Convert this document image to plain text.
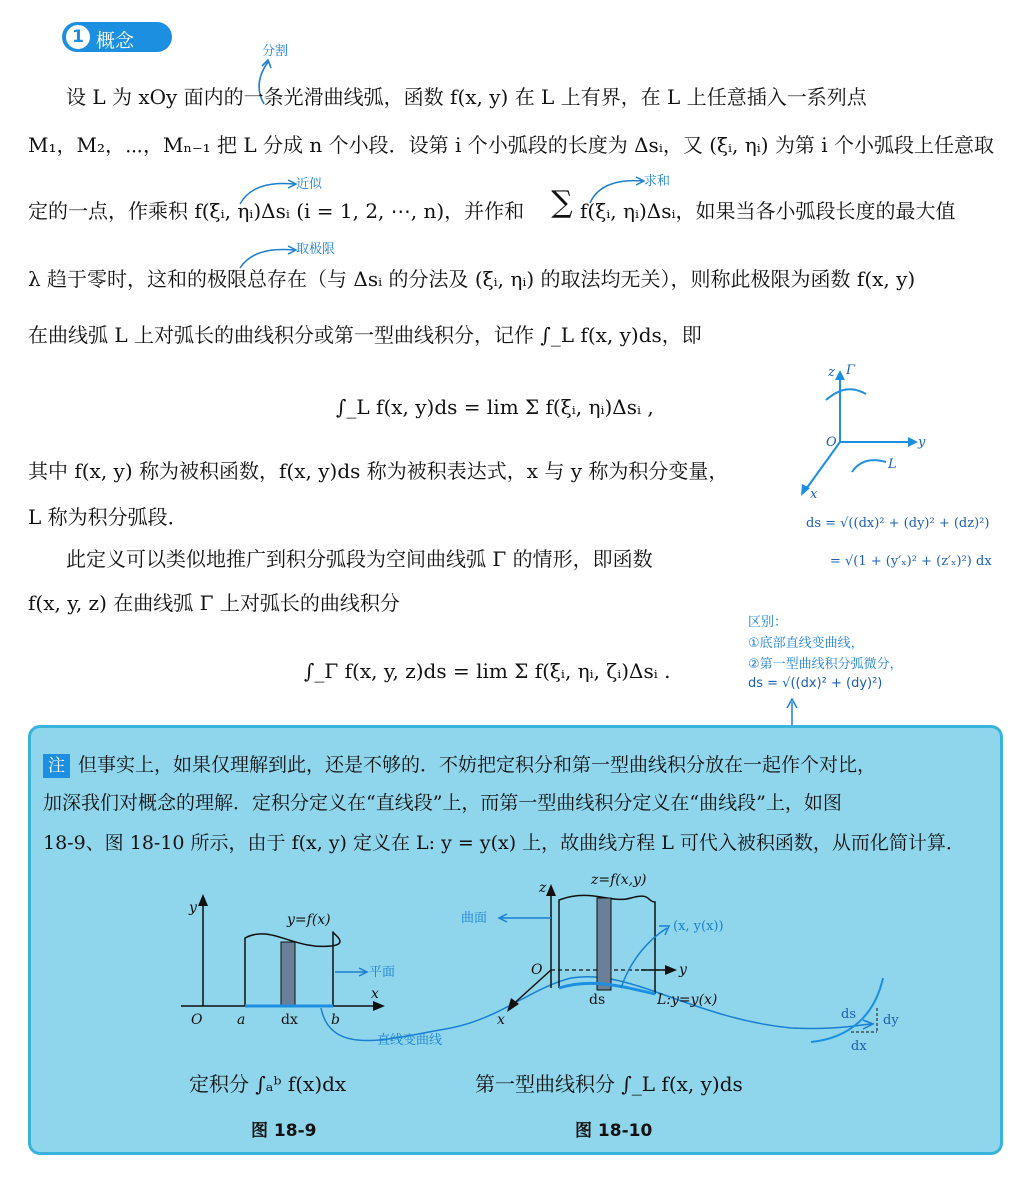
1 概念	分割
设 L 为 xOy 面内的一条光滑曲线弧，函数 f(x, y) 在 L 上有界，在 L 上任意插入一系列点
M₁，M₂，⋯，Mₙ₋₁ 把 L 分成 n 个小段．设第 i 个小弧段的长度为 Δsᵢ，又 (ξᵢ, ηᵢ) 为第 i 个小弧段上任意取
近似	求和
定的一点，作乘积 f(ξᵢ, ηᵢ)Δsᵢ (i = 1, 2, ⋯, n)，并作和 ∑ f(ξᵢ, ηᵢ)Δsᵢ，如果当各小弧段长度的最大值
取极限
λ 趋于零时，这和的极限总存在（与 Δsᵢ 的分法及 (ξᵢ, ηᵢ) 的取法均无关），则称此极限为函数 f(x, y)
在曲线弧 L 上对弧长的曲线积分或第一型曲线积分，记作 ∫_L f(x, y)ds，即
∫_L f(x, y)ds = lim Σ f(ξᵢ, ηᵢ)Δsᵢ ,
其中 f(x, y) 称为被积函数，f(x, y)ds 称为被积表达式，x 与 y 称为积分变量，
L 称为积分弧段．
此定义可以类似地推广到积分弧段为空间曲线弧 Γ 的情形，即函数
f(x, y, z) 在曲线弧 Γ 上对弧长的曲线积分
∫_Γ f(x, y, z)ds = lim Σ f(ξᵢ, ηᵢ, ζᵢ)Δsᵢ .
z Γ
O	y
x
L
ds = √((dx)² + (dy)² + (dz)²)
= √(1 + (y′ₓ)² + (z′ₓ)²) dx
区别：
①底部直线变曲线，
②第一型曲线积分弧微分，
ds = √((dx)² + (dy)²)
注 但事实上，如果仅理解到此，还是不够的．不妨把定积分和第一型曲线积分放在一起作个对比，
加深我们对概念的理解．定积分定义在“直线段”上，而第一型曲线积分定义在“曲线段”上，如图
18-9、图 18-10 所示，由于 f(x, y) 定义在 L: y = y(x) 上，故曲线方程 L 可代入被积函数，从而化简计算．
y=f(x)
y
x
O a	dx b
平面
z	z=f(x,y)
O	y
x
ds	L:y=y(x)
曲面
(x, y(x))
直线变曲线
ds dy
dx
定积分 ∫ₐᵇ f(x)dx
图 18-9
第一型曲线积分 ∫_L f(x, y)ds
图 18-10
